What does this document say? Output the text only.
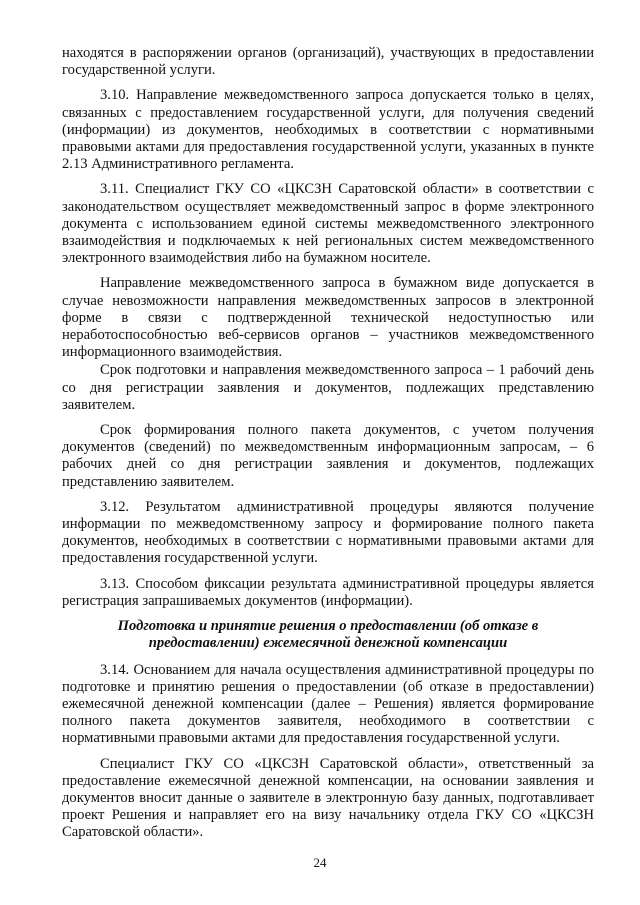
находятся в распоряжении органов (организаций), участвующих в предоставлении государственной услуги.

3.10. Направление межведомственного запроса допускается только в целях, связанных с предоставлением государственной услуги, для получения сведений (информации) из документов, необходимых в соответствии с нормативными правовыми актами для предоставления государственной услуги, указанных в пункте 2.13 Административного регламента.

3.11. Специалист ГКУ СО «ЦКСЗН Саратовской области» в соответствии с законодательством осуществляет межведомственный запрос в форме электронного документа с использованием единой системы межведомственного электронного взаимодействия и подключаемых к ней региональных систем межведомственного электронного взаимодействия либо на бумажном носителе.

Направление межведомственного запроса в бумажном виде допускается в случае невозможности направления межведомственных запросов в электронной форме в связи с подтвержденной технической недоступностью или неработоспособностью веб-сервисов органов – участников межведомственного информационного взаимодействия.

Срок подготовки и направления межведомственного запроса – 1 рабочий день со дня регистрации заявления и документов, подлежащих представлению заявителем.

Срок формирования полного пакета документов, с учетом получения документов (сведений) по межведомственным информационным запросам, – 6 рабочих дней со дня регистрации заявления и документов, подлежащих представлению заявителем.

3.12. Результатом административной процедуры являются получение информации по межведомственному запросу и формирование полного пакета документов, необходимых в соответствии с нормативными правовыми актами для предоставления государственной услуги.

3.13. Способом фиксации результата административной процедуры является регистрация запрашиваемых документов (информации).

Подготовка и принятие решения о предоставлении (об отказе в предоставлении) ежемесячной денежной компенсации

3.14. Основанием для начала осуществления административной процедуры по подготовке и принятию решения о предоставлении (об отказе в предоставлении) ежемесячной денежной компенсации (далее – Решения) является формирование полного пакета документов заявителя, необходимого в соответствии с нормативными правовыми актами для предоставления государственной услуги.

Специалист ГКУ СО «ЦКСЗН Саратовской области», ответственный за предоставление ежемесячной денежной компенсации, на основании заявления и документов вносит данные о заявителе в электронную базу данных, подготавливает проект Решения и направляет его на визу начальнику отдела ГКУ СО «ЦКСЗН Саратовской области».

24
